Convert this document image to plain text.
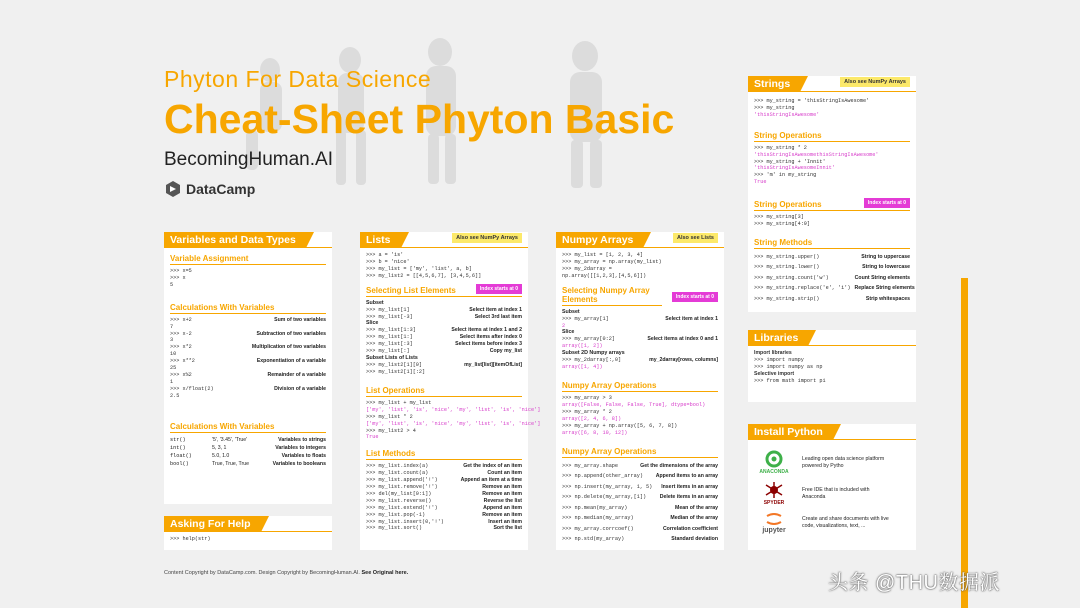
Phyton For Data Science
Cheat-Sheet Phyton Basic
BecomingHuman.AI
DataCamp
Variables and Data Types
Variable Assignment
>>> x=5
>>> x
5
Calculations With Variables
>>> x+2	Sum of two variables
7
>>> x-2	Subtraction of two variables
3
>>> x*2	Multiplication of two variables
10
>>> x**2	Exponentiation of a variable
25
>>> x%2	Remainder of a variable
1
>>> x/float(2)	Division of a variable
2.5
Calculations With Variables
str()	'5', '3.45', 'True'	Variables to strings
int()	5, 3, 1	Variables to integers
float()	5.0, 1.0	Variables to floats
bool()	True, True, True	Variables to booleans
Asking For Help
>>> help(str)
Lists	Also see NumPy Arrays
>>> a = 'is'
>>> b = 'nice'
>>> my_list = ['my', 'list', a, b]
>>> my_list2 = [[4,5,6,7], [3,4,5,6]]
Selecting List Elements	Index starts at 0
Subset
>>> my_list[1]	Select item at index 1
>>> my_list[-3]	Select 3rd last item
Slice
>>> my_list[1:3]	Select items at index 1 and 2
>>> my_list[1:]	Select items after index 0
>>> my_list[:3]	Select items before index 3
>>> my_list[:]	Copy my_list
Subset Lists of Lists
>>> my_list2[1][0]	my_list[list][itemOfList]
>>> my_list2[1][:2]
List Operations
>>> my_list + my_list
['my', 'list', 'is', 'nice', 'my', 'list', 'is', 'nice']
>>> my_list * 2
['my', 'list', 'is', 'nice', 'my', 'list', 'is', 'nice']
>>> my_list2 > 4
True
List Methods
>>> my_list.index(a)	Get the index of an item
>>> my_list.count(a)	Count an item
>>> my_list.append('!')	Append an item at a time
>>> my_list.remove('!')	Remove an item
>>> del(my_list[0:1])	Remove an item
>>> my_list.reverse()	Reverse the list
>>> my_list.extend('!')	Append an item
>>> my_list.pop(-1)	Remove an item
>>> my_list.insert(0,'!')	Insert an item
>>> my_list.sort()	Sort the list
Numpy Arrays	Also see Lists
>>> my_list = [1, 2, 3, 4]
>>> my_array = np.array(my_list)
>>> my_2darray =
np.array([[1,2,3],[4,5,6]])
Selecting Numpy Array Elements	Index starts at 0
Subset
>>> my_array[1]	Select item at index 1
2
Slice
>>> my_array[0:2]	Select items at index 0 and 1
array([1, 2])
Subset 2D Numpy arrays
>>> my_2darray[:,0]	my_2darray[rows, columns]
array([1, 4])
Numpy Array Operations
>>> my_array > 3
array([False, False, False, True], dtype=bool)
>>> my_array * 2
array([2, 4, 6, 8])
>>> my_array + np.array([5, 6, 7, 8])
array([6, 8, 10, 12])
Numpy Array Operations
>>> my_array.shape	Get the dimensions of the array
>>> np.append(other_array) Append items to an array
>>> np.insert(my_array, 1, 5) Insert items in an array
>>> np.delete(my_array,[1])	Delete items in an array
>>> np.mean(my_array)	Mean of the array
>>> np.median(my_array)	Median of the array
>>> my_array.corrcoef()	Correlation coefficient
>>> np.std(my_array)	Standard deviation
Strings	Also see NumPy Arrays
>>> my_string = 'thisStringIsAwesome'
>>> my_string
'thisStringIsAwesome'
String Operations
>>> my_string * 2
'thisStringIsAwesomethisStringIsAwesome'
>>> my_string + 'Innit'
'thisStringIsAwesomeInnit'
>>> 'm' in my_string
True
String Operations	Index starts at 0
>>> my_string[3]
>>> my_string[4:9]
String Methods
>>> my_string.upper()	String to uppercase
>>> my_string.lower()	String to lowercase
>>> my_string.count('w')	Count String elements
>>> my_string.replace('e', 'i') Replace String elements
>>> my_string.strip()	Strip whitespaces
Libraries
Import libraries
>>> import numpy
>>> import numpy as np
Selective import
>>> from math import pi
Install Python
ANACONDA
Leading open data science platform powered by Pytho
SPYDER
Free IDE that is included with Anaconda
jupyter
Create and share documents with live code, visualizations, text, ...
Content Copyright by DataCamp.com. Design Copyright by BecomingHuman.AI. See Original here.	头条 @THU数据派
